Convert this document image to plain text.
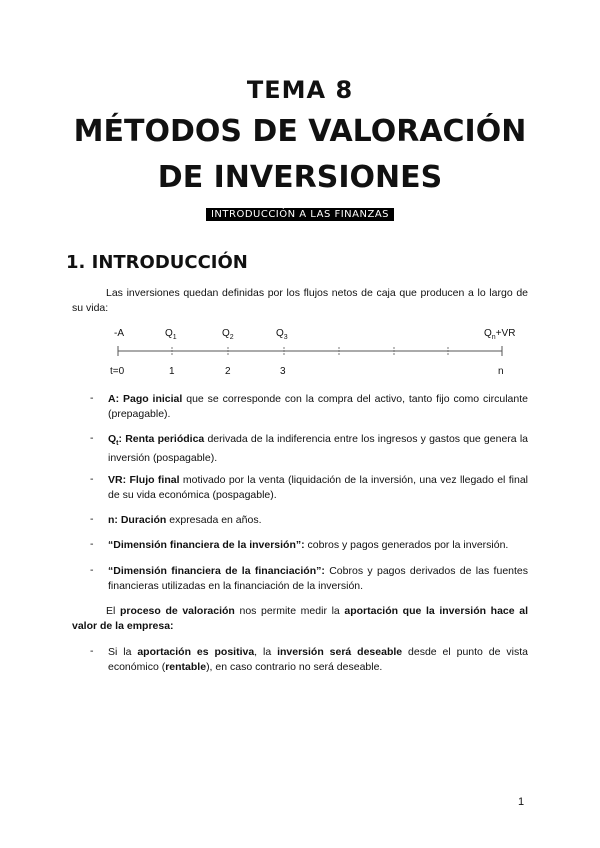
TEMA 8
MÉTODOS DE VALORACIÓN
DE INVERSIONES
INTRODUCCIÓN A LAS FINANZAS
1. INTRODUCCIÓN
Las inversiones quedan definidas por los flujos netos de caja que producen a lo largo de su vida:
-A	$Q_1$	$Q_2$	$Q_3$	$Q_n+VR$
t=0	1	2	3	n
- A: Pago inicial que se corresponde con la compra del activo, tanto fijo como circulante (prepagable).
- $Q_t$: Renta periódica derivada de la indiferencia entre los ingresos y gastos que genera la inversión (pospagable).
- VR: Flujo final motivado por la venta (liquidación de la inversión, una vez llegado el final de su vida económica (pospagable).
- n: Duración expresada en años.
- “Dimensión financiera de la inversión”: cobros y pagos generados por la inversión.
- “Dimensión financiera de la financiación”: Cobros y pagos derivados de las fuentes financieras utilizadas en la financiación de la inversión.
El proceso de valoración nos permite medir la aportación que la inversión hace al valor de la empresa:
- Si la aportación es positiva, la inversión será deseable desde el punto de vista económico (rentable), en caso contrario no será deseable.
1
